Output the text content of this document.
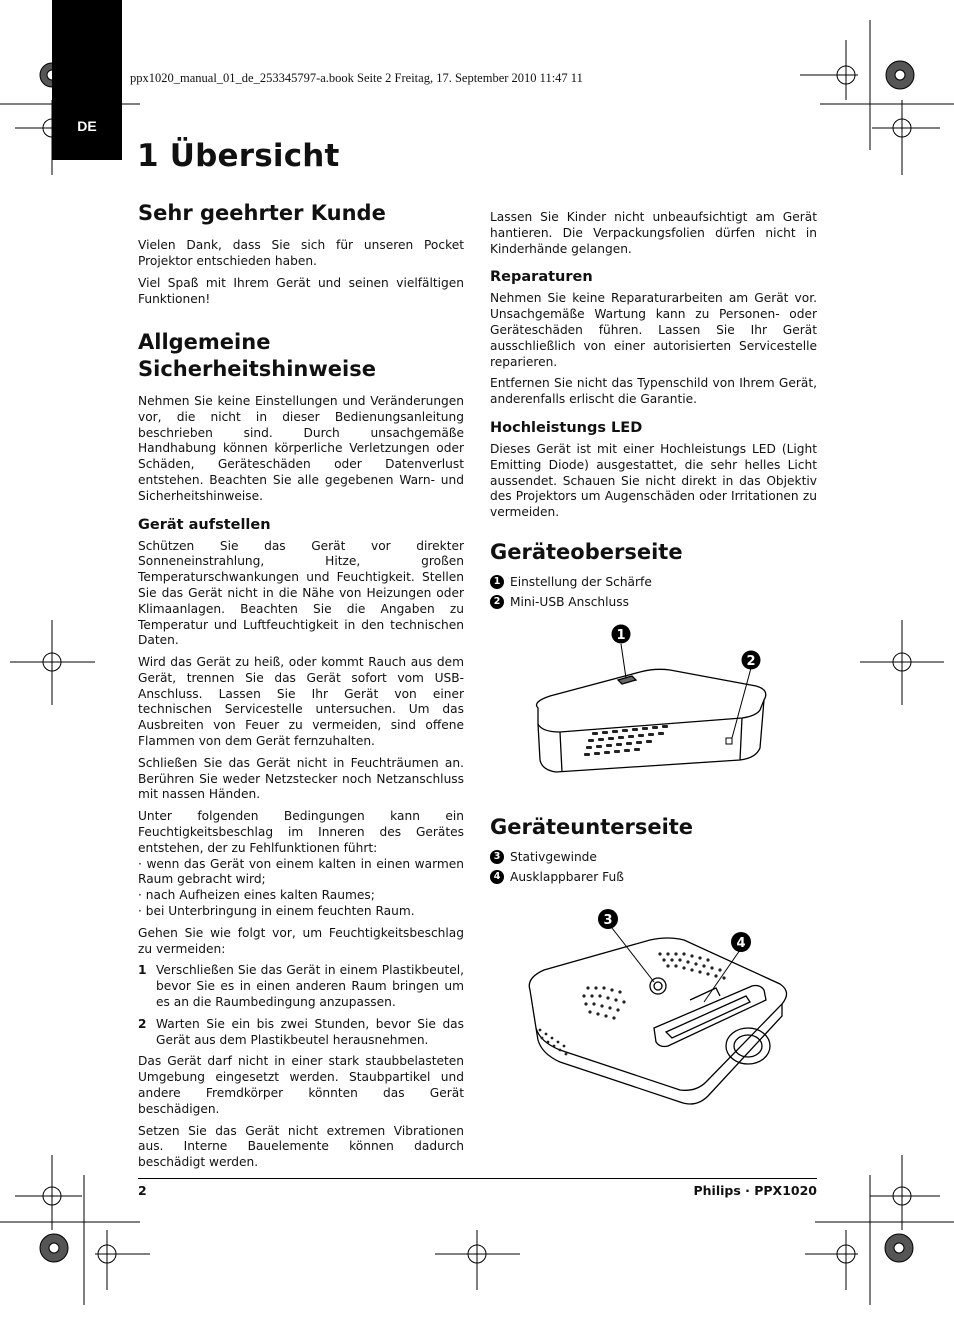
DE
ppx1020_manual_01_de_253345797-a.book Seite 2 Freitag, 17. September 2010 11:47 11
1 Übersicht
Sehr geehrter Kunde

Vielen Dank, dass Sie sich für unseren Pocket Projektor entschieden haben.

Viel Spaß mit Ihrem Gerät und seinen vielfältigen Funktionen!

Allgemeine Sicherheitshinweise

Nehmen Sie keine Einstellungen und Veränderungen vor, die nicht in dieser Bedienungsanleitung beschrieben sind. Durch unsachgemäße Handhabung können körperliche Verletzungen oder Schäden, Geräteschäden oder Datenverlust entstehen. Beachten Sie alle gegebenen Warn- und Sicherheitshinweise.

Gerät aufstellen

Schützen Sie das Gerät vor direkter Sonneneinstrahlung, Hitze, großen Temperaturschwankungen und Feuchtigkeit. Stellen Sie das Gerät nicht in die Nähe von Heizungen oder Klimaanlagen. Beachten Sie die Angaben zu Temperatur und Luftfeuchtigkeit in den technischen Daten.

Wird das Gerät zu heiß, oder kommt Rauch aus dem Gerät, trennen Sie das Gerät sofort vom USB-Anschluss. Lassen Sie Ihr Gerät von einer technischen Servicestelle untersuchen. Um das Ausbreiten von Feuer zu vermeiden, sind offene Flammen von dem Gerät fernzuhalten.

Schließen Sie das Gerät nicht in Feuchträumen an. Berühren Sie weder Netzstecker noch Netzanschluss mit nassen Händen.

Unter folgenden Bedingungen kann ein Feuchtigkeitsbeschlag im Inneren des Gerätes entstehen, der zu Fehlfunktionen führt:

· wenn das Gerät von einem kalten in einen warmen Raum gebracht wird;

· nach Aufheizen eines kalten Raumes;

· bei Unterbringung in einem feuchten Raum.

Gehen Sie wie folgt vor, um Feuchtigkeitsbeschlag zu vermeiden:

1 Verschließen Sie das Gerät in einem Plastikbeutel, bevor Sie es in einen anderen Raum bringen um es an die Raumbedingung anzupassen.
2 Warten Sie ein bis zwei Stunden, bevor Sie das Gerät aus dem Plastikbeutel herausnehmen.

Das Gerät darf nicht in einer stark staubbelasteten Umgebung eingesetzt werden. Staubpartikel und andere Fremdkörper könnten das Gerät beschädigen.

Setzen Sie das Gerät nicht extremen Vibrationen aus. Interne Bauelemente können dadurch beschädigt werden.

Lassen Sie Kinder nicht unbeaufsichtigt am Gerät hantieren. Die Verpackungsfolien dürfen nicht in Kinderhände gelangen.

Reparaturen

Nehmen Sie keine Reparaturarbeiten am Gerät vor. Unsachgemäße Wartung kann zu Personen- oder Geräteschäden führen. Lassen Sie Ihr Gerät ausschließlich von einer autorisierten Servicestelle reparieren.

Entfernen Sie nicht das Typenschild von Ihrem Gerät, anderenfalls erlischt die Garantie.

Hochleistungs LED

Dieses Gerät ist mit einer Hochleistungs LED (Light Emitting Diode) ausgestattet, die sehr helles Licht aussendet. Schauen Sie nicht direkt in das Objektiv des Projektors um Augenschäden oder Irritationen zu vermeiden.

Geräteoberseite
1 Einstellung der Schärfe
2 Mini-USB Anschluss
1
2
Geräteunterseite
3 Stativgewinde
4 Ausklappbarer Fuß
3
4
2	Philips · PPX1020
